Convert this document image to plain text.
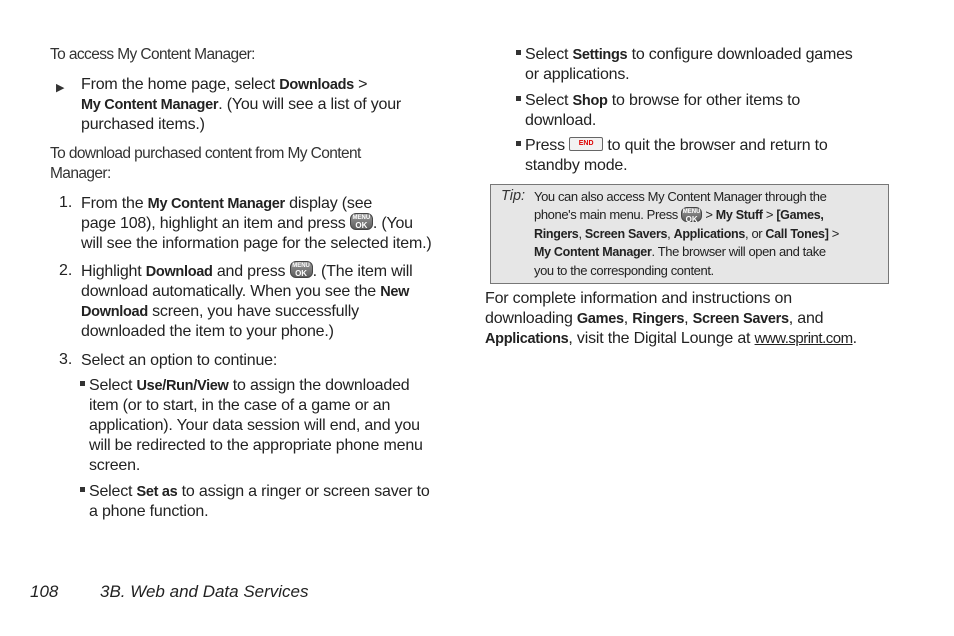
To access My Content Manager:
▶ From the home page, select Downloads >
My Content Manager. (You will see a list of your
purchased items.)
To download purchased content from My Content
Manager:
1. From the My Content Manager display (see
page 108), highlight an item and press MENU
OK . (You
will see the information page for the selected item.)
2. Highlight Download and press MENU
OK . (The item will
download automatically. When you see the New
Download screen, you have successfully
downloaded the item to your phone.)
3. Select an option to continue:
Select Use/Run/View to assign the downloaded
item (or to start, in the case of a game or an
application). Your data session will end, and you
will be redirected to the appropriate phone menu
screen.
Select Set as to assign a ringer or screen saver to
a phone function.
Select Settings to configure downloaded games
or applications.
Select Shop to browse for other items to
download.
Press END to quit the browser and return to
standby mode.
Tip: You can also access My Content Manager through the
phone's main menu. Press MENU
OK > My Stuff > [Games,
Ringers, Screen Savers, Applications, or Call Tones] >
My Content Manager. The browser will open and take
you to the corresponding content.
For complete information and instructions on
downloading Games, Ringers, Screen Savers, and
Applications, visit the Digital Lounge at www.sprint.com.
108 3B. Web and Data Services
